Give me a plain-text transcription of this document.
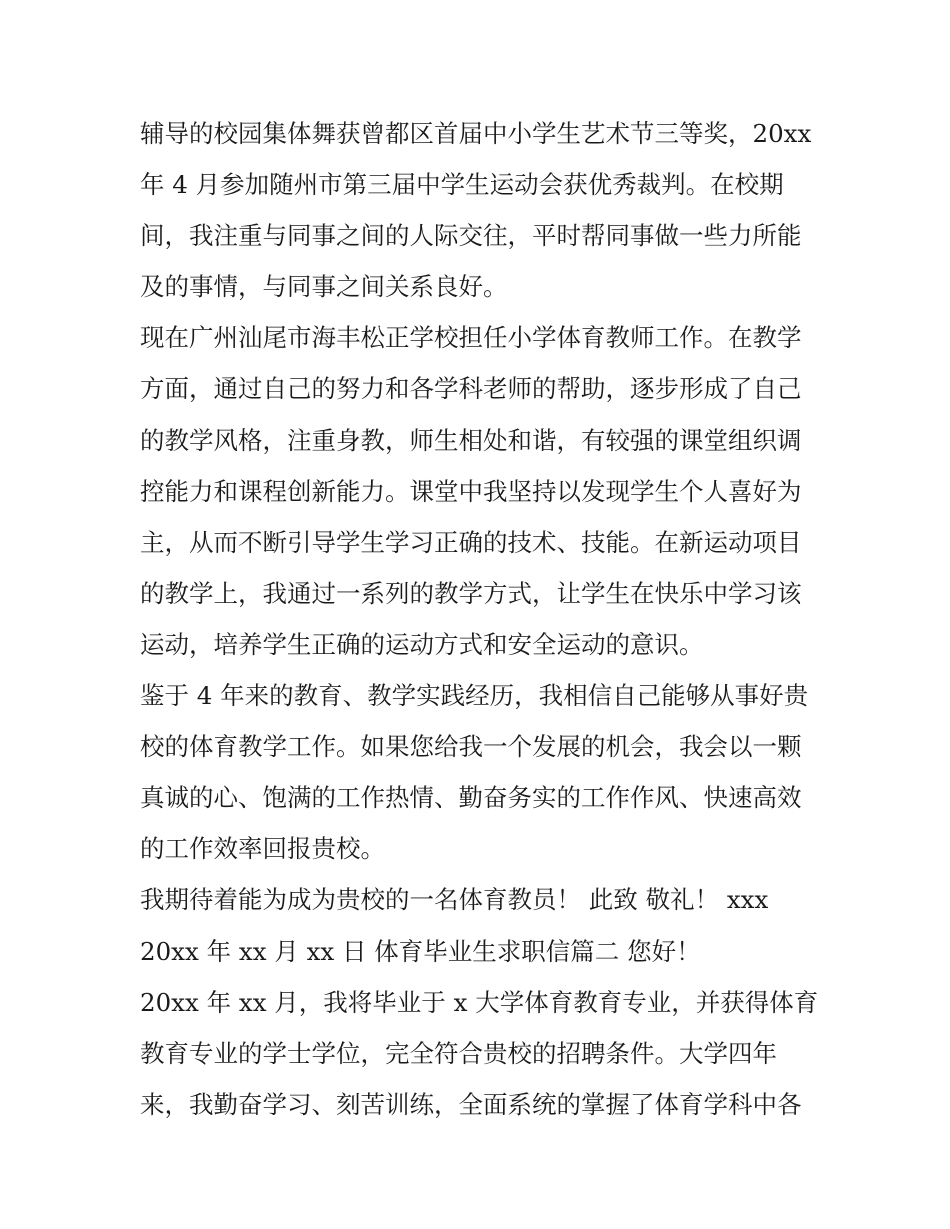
辅导的校园集体舞获曾都区首届中小学生艺术节三等奖，20xx
年 4 月参加随州市第三届中学生运动会获优秀裁判。在校期
间，我注重与同事之间的人际交往，平时帮同事做一些力所能
及的事情，与同事之间关系良好。
现在广州汕尾市海丰松正学校担任小学体育教师工作。在教学
方面，通过自己的努力和各学科老师的帮助，逐步形成了自己
的教学风格，注重身教，师生相处和谐，有较强的课堂组织调
控能力和课程创新能力。课堂中我坚持以发现学生个人喜好为
主，从而不断引导学生学习正确的技术、技能。在新运动项目
的教学上，我通过一系列的教学方式，让学生在快乐中学习该
运动，培养学生正确的运动方式和安全运动的意识。
鉴于 4 年来的教育、教学实践经历，我相信自己能够从事好贵
校的体育教学工作。如果您给我一个发展的机会，我会以一颗
真诚的心、饱满的工作热情、勤奋务实的工作作风、快速高效
的工作效率回报贵校。
我期待着能为成为贵校的一名体育教员！ 此致 敬礼！ xxx
20xx 年 xx 月 xx 日 体育毕业生求职信篇二 您好！
20xx 年 xx 月，我将毕业于 x 大学体育教育专业，并获得体育
教育专业的学士学位，完全符合贵校的招聘条件。大学四年
来，我勤奋学习、刻苦训练，全面系统的掌握了体育学科中各
